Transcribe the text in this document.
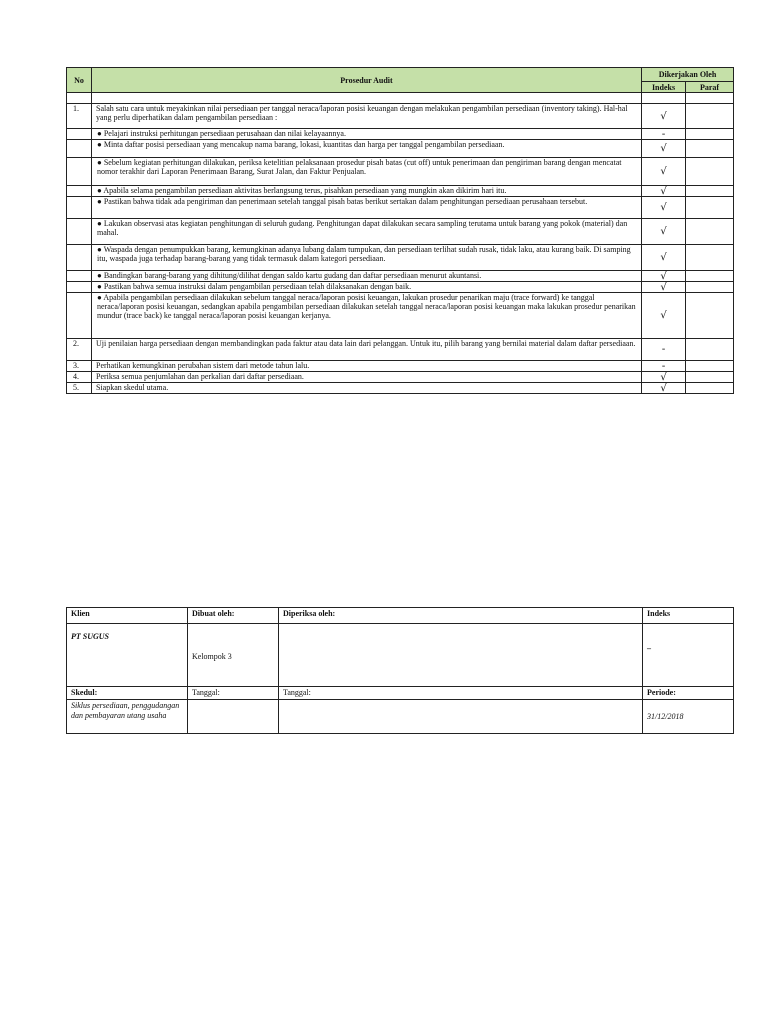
No	Prosedur Audit	Dikerjakan Oleh	
		Indeks	Paraf

1.	Salah satu cara untuk meyakinkan nilai persediaan per tanggal neraca/laporan posisi keuangan dengan melakukan pengambilan persediaan (inventory taking). Hal-hal yang perlu diperhatikan dalam pengambilan persediaan :	√	
	● Pelajari instruksi perhitungan persediaan perusahaan dan nilai kelayaannya.	-	
	● Minta daftar posisi persediaan yang mencakup nama barang, lokasi, kuantitas dan harga per tanggal pengambilan persediaan.	√	
	● Sebelum kegiatan perhitungan dilakukan, periksa ketelitian pelaksanaan prosedur pisah batas (cut off) untuk penerimaan dan pengiriman barang dengan mencatat nomor terakhir dari Laporan Penerimaan Barang, Surat Jalan, dan Faktur Penjualan.	√	
	● Apabila selama pengambilan persediaan aktivitas berlangsung terus, pisahkan persediaan yang mungkin akan dikirim hari itu.	√	
	● Pastikan bahwa tidak ada pengiriman dan penerimaan setelah tanggal pisah batas berikut sertakan dalam penghitungan persediaan perusahaan tersebut.	√	
	● Lakukan observasi atas kegiatan penghitungan di seluruh gudang. Penghitungan dapat dilakukan secara sampling terutama untuk barang yang pokok (material) dan mahal.	√	
	● Waspada dengan penumpukkan barang, kemungkinan adanya lubang dalam tumpukan, dan persediaan terlihat sudah rusak, tidak laku, atau kurang baik. Di samping itu, waspada juga terhadap barang-barang yang tidak termasuk dalam kategori persediaan.	√	
	● Bandingkan barang-barang yang dihitung/dilihat dengan saldo kartu gudang dan daftar persediaan menurut akuntansi.	√	
	● Pastikan bahwa semua instruksi dalam pengambilan persediaan telah dilaksanakan dengan baik.	√	
	● Apabila pengambilan persediaan dilakukan sebelum tanggal neraca/laporan posisi keuangan, lakukan prosedur penarikan maju (trace forward) ke tanggal neraca/laporan posisi keuangan, sedangkan apabila pengambilan persediaan dilakukan setelah tanggal neraca/laporan posisi keuangan maka lakukan prosedur penarikan mundur (trace back) ke tanggal neraca/laporan posisi keuangan kerjanya.	√	
2.	Uji penilaian harga persediaan dengan membandingkan pada faktur atau data lain dari pelanggan. Untuk itu, pilih barang yang bernilai material dalam daftar persediaan.	-	
3.	Perhatikan kemungkinan perubahan sistem dari metode tahun lalu.	-	
4.	Periksa semua penjumlahan dan perkalian dari daftar persediaan.	√	
5.	Siapkan skedul utama.	√	
Klien	Dibuat oleh:	Diperiksa oleh:	Indeks
PT SUGUS	Kelompok 3		–
Skedul:	Tanggal:	Tanggal:	Periode:
Siklus persediaan, penggudangan dan pembayaran utang usaha			31/12/2018
